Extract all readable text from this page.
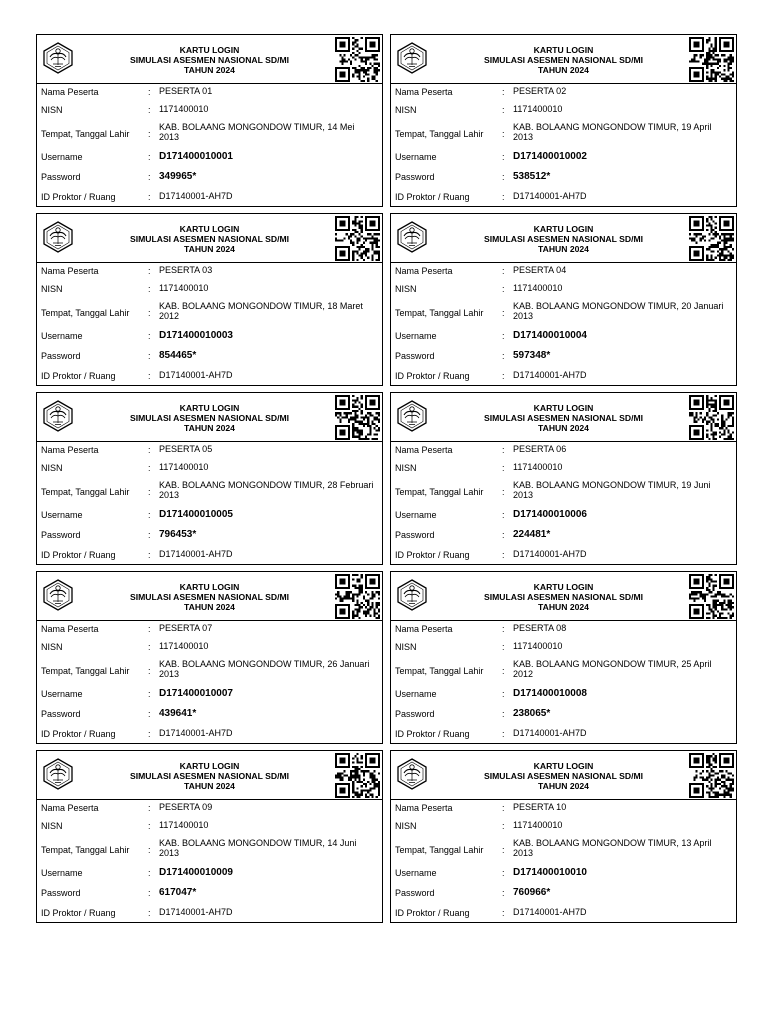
KARTU LOGIN
SIMULASI ASESMEN NASIONAL SD/MI
TAHUN 2024
Nama Peserta	: PESERTA 01
NISN	: 1171400010
Tempat, Tanggal Lahir :
KAB. BOLAANG MONGONDOW TIMUR, 14 Mei 2013
Username	: D171400010001
Password	: 349965*
ID Proktor / Ruang	: D17140001-AH7D
KARTU LOGIN
SIMULASI ASESMEN NASIONAL SD/MI
TAHUN 2024
Nama Peserta	: PESERTA 02
NISN	: 1171400010
Tempat, Tanggal Lahir :
KAB. BOLAANG MONGONDOW TIMUR, 19 April 2013
Username	: D171400010002
Password	: 538512*
ID Proktor / Ruang	: D17140001-AH7D
KARTU LOGIN
SIMULASI ASESMEN NASIONAL SD/MI
TAHUN 2024
Nama Peserta	: PESERTA 03
NISN	: 1171400010
Tempat, Tanggal Lahir :
KAB. BOLAANG MONGONDOW TIMUR, 18 Maret 2012
Username	: D171400010003
Password	: 854465*
ID Proktor / Ruang	: D17140001-AH7D
KARTU LOGIN
SIMULASI ASESMEN NASIONAL SD/MI
TAHUN 2024
Nama Peserta	: PESERTA 04
NISN	: 1171400010
Tempat, Tanggal Lahir :
KAB. BOLAANG MONGONDOW TIMUR, 20 Januari 2013
Username	: D171400010004
Password	: 597348*
ID Proktor / Ruang	: D17140001-AH7D
KARTU LOGIN
SIMULASI ASESMEN NASIONAL SD/MI
TAHUN 2024
Nama Peserta	: PESERTA 05
NISN	: 1171400010
Tempat, Tanggal Lahir :
KAB. BOLAANG MONGONDOW TIMUR, 28 Februari 2013
Username	: D171400010005
Password	: 796453*
ID Proktor / Ruang	: D17140001-AH7D
KARTU LOGIN
SIMULASI ASESMEN NASIONAL SD/MI
TAHUN 2024
Nama Peserta	: PESERTA 06
NISN	: 1171400010
Tempat, Tanggal Lahir :
KAB. BOLAANG MONGONDOW TIMUR, 19 Juni 2013
Username	: D171400010006
Password	: 224481*
ID Proktor / Ruang	: D17140001-AH7D
KARTU LOGIN
SIMULASI ASESMEN NASIONAL SD/MI
TAHUN 2024
Nama Peserta	: PESERTA 07
NISN	: 1171400010
Tempat, Tanggal Lahir :
KAB. BOLAANG MONGONDOW TIMUR, 26 Januari 2013
Username	: D171400010007
Password	: 439641*
ID Proktor / Ruang	: D17140001-AH7D
KARTU LOGIN
SIMULASI ASESMEN NASIONAL SD/MI
TAHUN 2024
Nama Peserta	: PESERTA 08
NISN	: 1171400010
Tempat, Tanggal Lahir :
KAB. BOLAANG MONGONDOW TIMUR, 25 April 2012
Username	: D171400010008
Password	: 238065*
ID Proktor / Ruang	: D17140001-AH7D
KARTU LOGIN
SIMULASI ASESMEN NASIONAL SD/MI
TAHUN 2024
Nama Peserta	: PESERTA 09
NISN	: 1171400010
Tempat, Tanggal Lahir :
KAB. BOLAANG MONGONDOW TIMUR, 14 Juni 2013
Username	: D171400010009
Password	: 617047*
ID Proktor / Ruang	: D17140001-AH7D
KARTU LOGIN
SIMULASI ASESMEN NASIONAL SD/MI
TAHUN 2024
Nama Peserta	: PESERTA 10
NISN	: 1171400010
Tempat, Tanggal Lahir :
KAB. BOLAANG MONGONDOW TIMUR, 13 April 2013
Username	: D171400010010
Password	: 760966*
ID Proktor / Ruang	: D17140001-AH7D
